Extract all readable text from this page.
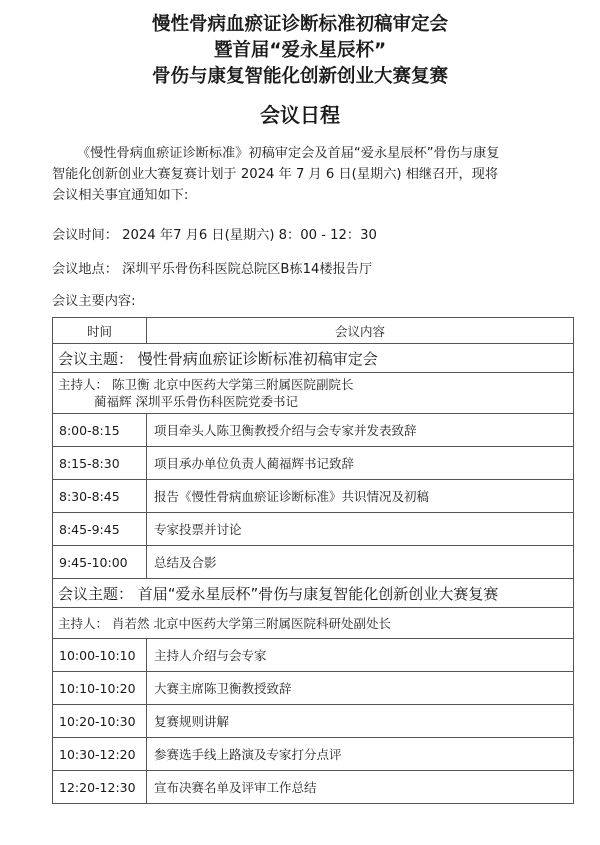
慢性骨病血瘀证诊断标准初稿审定会
暨首届“爱永星辰杯”
骨伤与康复智能化创新创业大赛复赛
会议日程
《慢性骨病血瘀证诊断标准》初稿审定会及首届“爱永星辰杯”骨伤与康复
智能化创新创业大赛复赛计划于 2024 年 7 月 6 日(星期六) 相继召开，现将
会议相关事宜通知如下:
会议时间： 2024 年7 月6 日(星期六) 8：00 - 12：30
会议地点： 深圳平乐骨伤科医院总院区B栋14楼报告厅
会议主要内容:
时间	会议内容
会议主题： 慢性骨病血瘀证诊断标准初稿审定会	

主持人： 陈卫衡 北京中医药大学第三附属医院副院长
蔺福辉 深圳平乐骨伤科医院党委书记	

8:00-8:15	项目牵头人陈卫衡教授介绍与会专家并发表致辞
8:15-8:30	项目承办单位负责人蔺福辉书记致辞
8:30-8:45	报告《慢性骨病血瘀证诊断标准》共识情况及初稿
8:45-9:45	专家投票并讨论
9:45-10:00	总结及合影
会议主题： 首届“爱永星辰杯”骨伤与康复智能化创新创业大赛复赛	
主持人： 肖若然 北京中医药大学第三附属医院科研处副处长	
10:00-10:10	主持人介绍与会专家
10:10-10:20	大赛主席陈卫衡教授致辞
10:20-10:30	复赛规则讲解
10:30-12:20	参赛选手线上路演及专家打分点评
12:20-12:30	宣布决赛名单及评审工作总结
